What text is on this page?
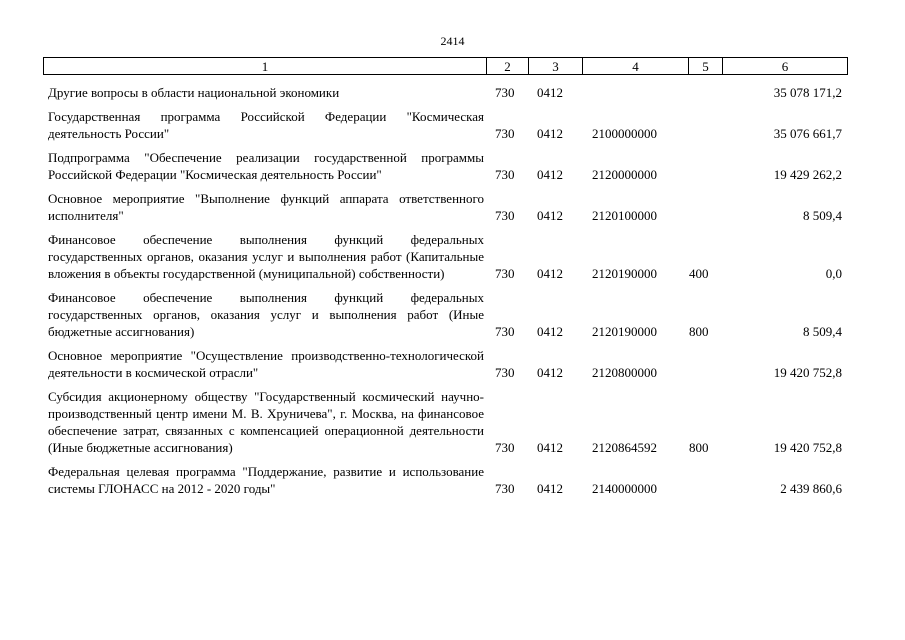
2414
1	2	3	4	5	6
Другие вопросы в области национальной экономики	730 0412	35 078 171,2
Государственная программа Российской Федерации "Космическая деятельность России"	730 0412 2100000000	35 076 661,7
Подпрограмма "Обеспечение реализации государственной программы Российской Федерации "Космическая деятельность России"	730 0412 2120000000	19 429 262,2
Основное мероприятие "Выполнение функций аппарата ответственного исполнителя"	730 0412 2120100000	8 509,4
Финансовое обеспечение выполнения функций федеральных государственных органов, оказания услуг и выполнения работ (Капитальные вложения в объекты государственной (муниципальной) собственности)	730 0412 2120190000 400	0,0
Финансовое обеспечение выполнения функций федеральных государственных органов, оказания услуг и выполнения работ (Иные бюджетные ассигнования)	730 0412 2120190000 800	8 509,4
Основное мероприятие "Осуществление производственно-технологической деятельности в космической отрасли"	730 0412 2120800000	19 420 752,8
Субсидия акционерному обществу "Государственный космический научно-производственный центр имени М. В. Хруничева", г. Москва, на финансовое обеспечение затрат, связанных с компенсацией операционной деятельности (Иные бюджетные ассигнования)	730 0412 2120864592 800	19 420 752,8
Федеральная целевая программа "Поддержание, развитие и использование системы ГЛОНАСС на 2012 - 2020 годы"	730 0412 2140000000	2 439 860,6
